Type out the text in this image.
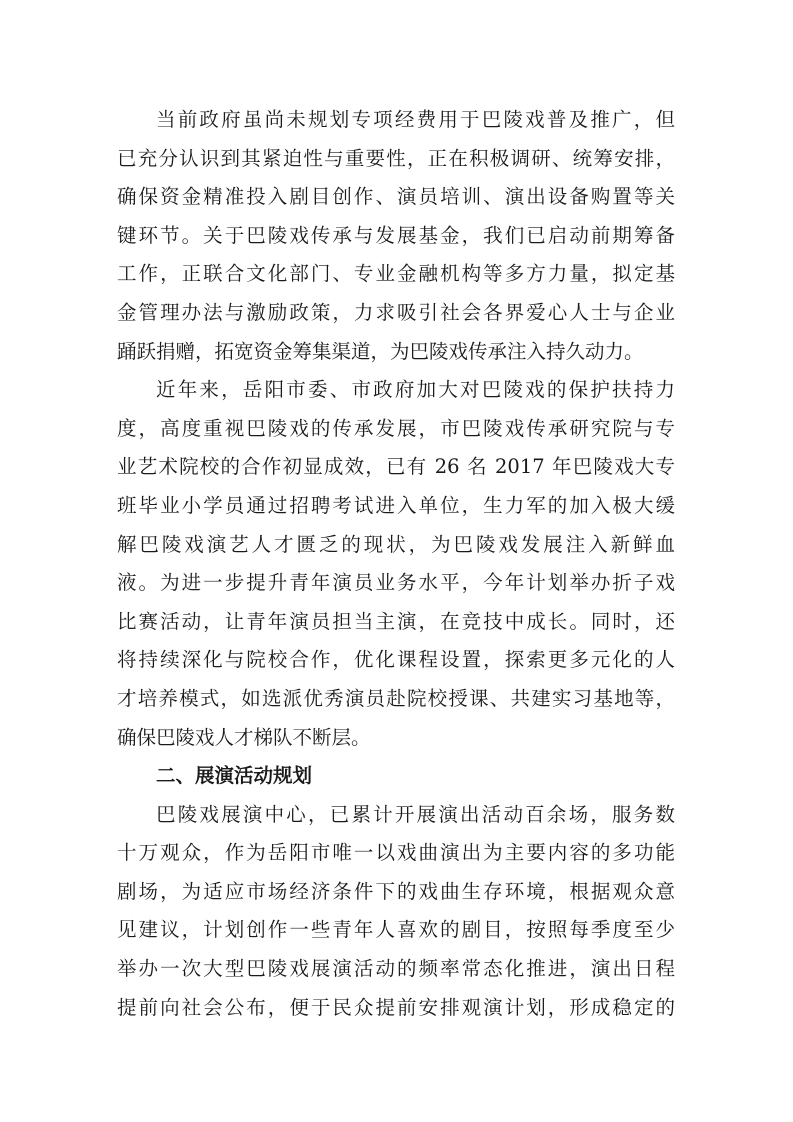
当前政府虽尚未规划专项经费用于巴陵戏普及推广，但
已充分认识到其紧迫性与重要性，正在积极调研、统筹安排，
确保资金精准投入剧目创作、演员培训、演出设备购置等关
键环节。关于巴陵戏传承与发展基金，我们已启动前期筹备
工作，正联合文化部门、专业金融机构等多方力量，拟定基
金管理办法与激励政策，力求吸引社会各界爱心人士与企业
踊跃捐赠，拓宽资金筹集渠道，为巴陵戏传承注入持久动力。
近年来，岳阳市委、市政府加大对巴陵戏的保护扶持力
度，高度重视巴陵戏的传承发展，市巴陵戏传承研究院与专
业艺术院校的合作初显成效，已有 26 名 2017 年巴陵戏大专
班毕业小学员通过招聘考试进入单位，生力军的加入极大缓
解巴陵戏演艺人才匮乏的现状，为巴陵戏发展注入新鲜血
液。为进一步提升青年演员业务水平，今年计划举办折子戏
比赛活动，让青年演员担当主演，在竞技中成长。同时，还
将持续深化与院校合作，优化课程设置，探索更多元化的人
才培养模式，如选派优秀演员赴院校授课、共建实习基地等，
确保巴陵戏人才梯队不断层。
二、展演活动规划
巴陵戏展演中心，已累计开展演出活动百余场，服务数
十万观众，作为岳阳市唯一以戏曲演出为主要内容的多功能
剧场，为适应市场经济条件下的戏曲生存环境，根据观众意
见建议，计划创作一些青年人喜欢的剧目，按照每季度至少
举办一次大型巴陵戏展演活动的频率常态化推进，演出日程
提前向社会公布，便于民众提前安排观演计划，形成稳定的
